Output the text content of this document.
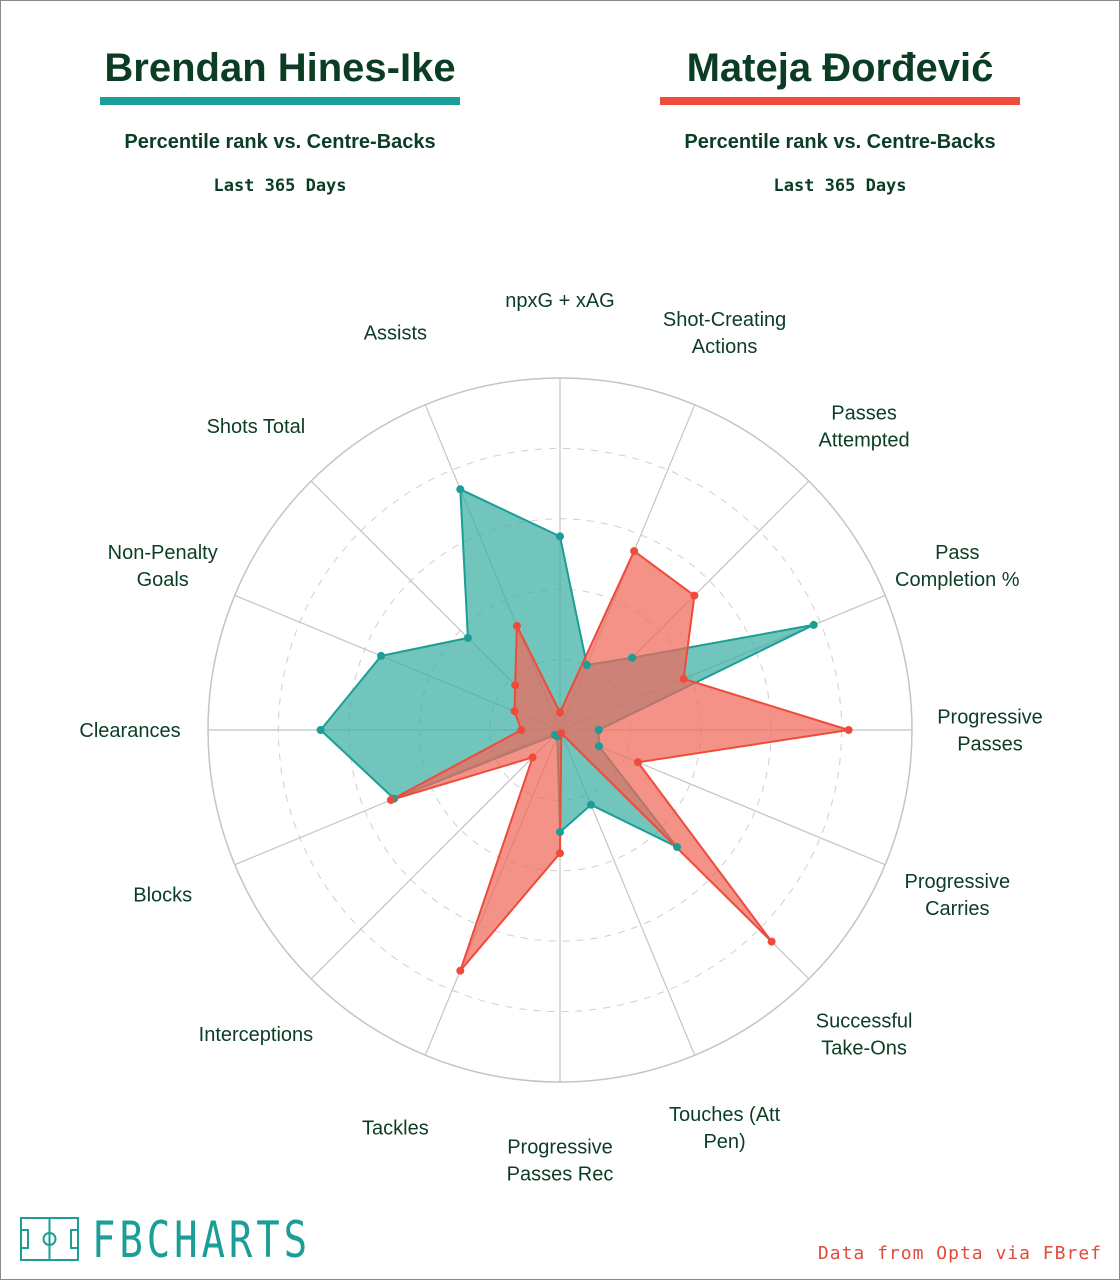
Brendan Hines-Ike
Percentile rank vs. Centre-Backs
Last 365 Days
Mateja Đorđević
Percentile rank vs. Centre-Backs
Last 365 Days
npxG + xAG
Shot-Creating Actions
Passes Attempted
Pass Completion %
Progressive Passes
Progressive Carries
Successful Take-Ons
Touches (Att Pen)
Progressive Passes Rec
Tackles
Interceptions
Blocks
Clearances
Non-Penalty Goals
Shots Total
Assists
FBCHARTS	Data from Opta via FBref
